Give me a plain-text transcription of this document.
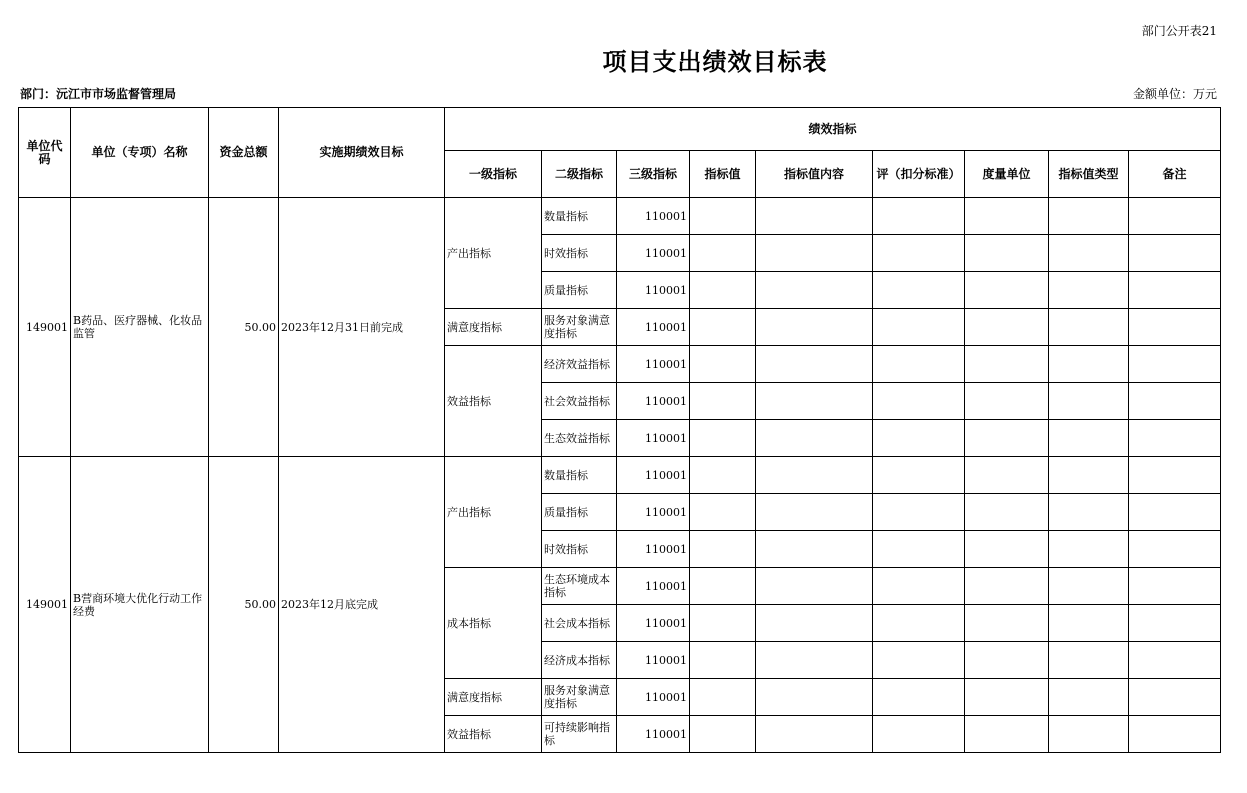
部门公开表21
项目支出绩效目标表
部门：沅江市市场监督管理局	金额单位：万元
单位代码	单位（专项）名称	资金总额	实施期绩效目标	绩效指标								
				一级指标	二级指标	三级指标	指标值	指标值内容	评（扣分标准）	度量单位	指标值类型	备注
149001	B药品、医疗器械、化妆品监管	50.00	2023年12月31日前完成	产出指标	数量指标	110001						
					时效指标	110001						
					质量指标	110001						
				满意度指标	服务对象满意度指标	110001						
				效益指标	经济效益指标	110001						
					社会效益指标	110001						
					生态效益指标	110001						
149001	B营商环境大优化行动工作经费	50.00	2023年12月底完成	产出指标	数量指标	110001						
					质量指标	110001						
					时效指标	110001						
				成本指标	生态环境成本指标	110001						
					社会成本指标	110001						
					经济成本指标	110001						
				满意度指标	服务对象满意度指标	110001						
				效益指标	可持续影响指标	110001						
